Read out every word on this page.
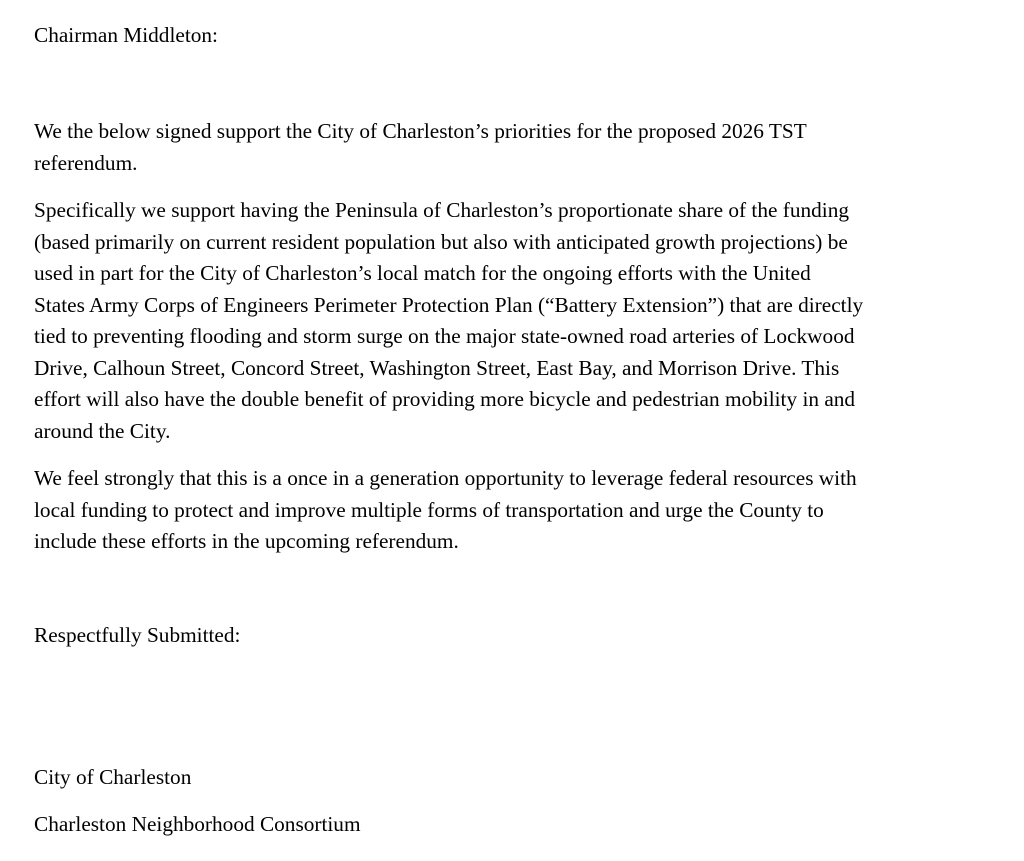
Chairman Middleton:

We the below signed support the City of Charleston’s priorities for the proposed 2026 TST
referendum.
Specifically we support having the Peninsula of Charleston’s proportionate share of the funding
(based primarily on current resident population but also with anticipated growth projections) be
used in part for the City of Charleston’s local match for the ongoing efforts with the United
States Army Corps of Engineers Perimeter Protection Plan (“Battery Extension”) that are directly
tied to preventing flooding and storm surge on the major state-owned road arteries of Lockwood
Drive, Calhoun Street, Concord Street, Washington Street, East Bay, and Morrison Drive. This
effort will also have the double benefit of providing more bicycle and pedestrian mobility in and
around the City.
We feel strongly that this is a once in a generation opportunity to leverage federal resources with
local funding to protect and improve multiple forms of transportation and urge the County to
include these efforts in the upcoming referendum.

Respectfully Submitted:

City of Charleston

Charleston Neighborhood Consortium
